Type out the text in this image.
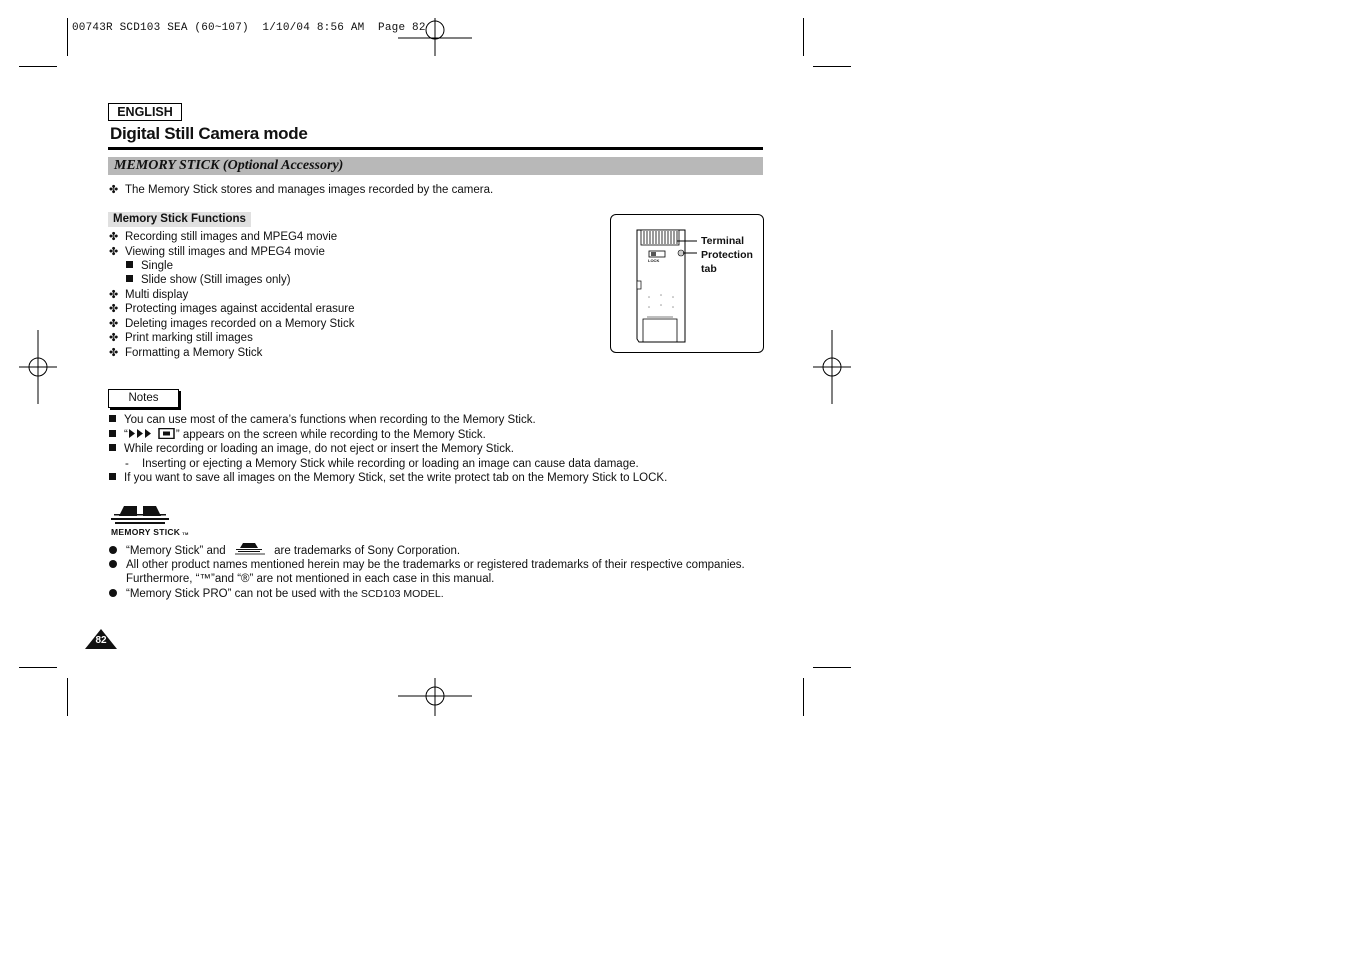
00743R SCD103 SEA (60~107)  1/10/04 8:56 AM  Page 82
ENGLISH
Digital Still Camera mode
MEMORY STICK (Optional Accessory)
✤ The Memory Stick stores and manages images recorded by the camera.
Memory Stick Functions
✤ Recording still images and MPEG4 movie
✤ Viewing still images and MPEG4 movie
Single
Slide show (Still images only)
✤ Multi display
✤ Protecting images against accidental erasure
✤ Deleting images recorded on a Memory Stick
✤ Print marking still images
✤ Formatting a Memory Stick
LOCK
Terminal
Protection
tab
Notes
You can use most of the camera’s functions when recording to the Memory Stick.
“	” appears on the screen while recording to the Memory Stick.
While recording or loading an image, do not eject or insert the Memory Stick.
- Inserting or ejecting a Memory Stick while recording or loading an image can cause data damage.
If you want to save all images on the Memory Stick, set the write protect tab on the Memory Stick to LOCK.
MEMORY STICK TM
“Memory Stick” and	are trademarks of Sony Corporation.
All other product names mentioned herein may be the trademarks or registered trademarks of their respective companies.
Furthermore, “™”and “®” are not mentioned in each case in this manual.
“Memory Stick PRO” can not be used with the SCD103 MODEL.
82
